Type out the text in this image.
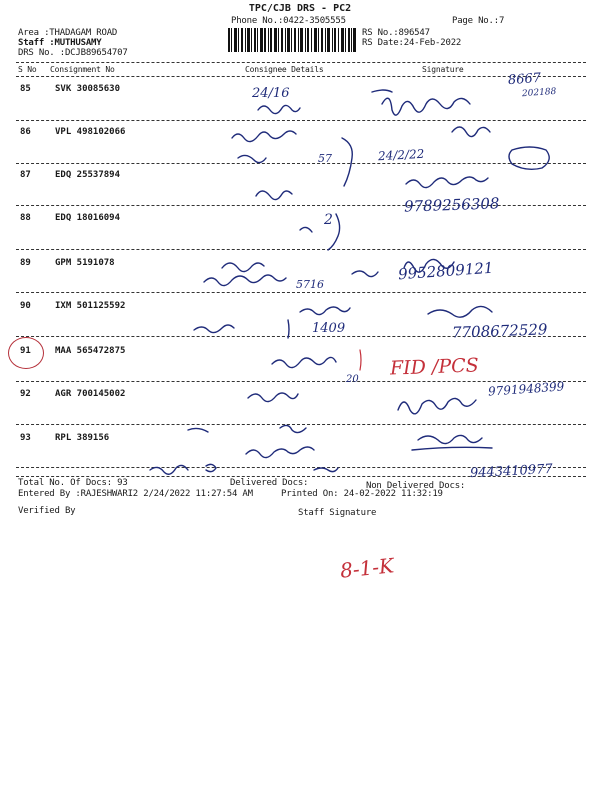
TPC/CJB DRS - PC2
Phone No.:0422-3505555	Page No.:7
Area :THADAGAM ROAD
Staff :MUTHUSAMY
DRS No. :DCJB89654707
RS No.:896547
RS Date:24-Feb-2022
S No Consignment No	Consignee Details	Signature
85	SVK 30085630
86	VPL 498102066
87	EDQ 25537894
88	EDQ 18016094
89	GPM 5191078
90	IXM 501125592
91	MAA 565472875
92	AGR 700145002
93	RPL 389156
Total No. Of Docs: 93	Delivered Docs:	Non Delivered Docs:
Entered By :RAJESHWARI2 2/24/2022 11:27:54 AM	Printed On: 24-02-2022 11:32:19
Verified By	Staff Signature
8667
202188
24/16
24/2/22
57
9789256308
2
9952809121
5716
1409	7708672529
FID /PCS
20	9791948399
9443410977
8-1-K
